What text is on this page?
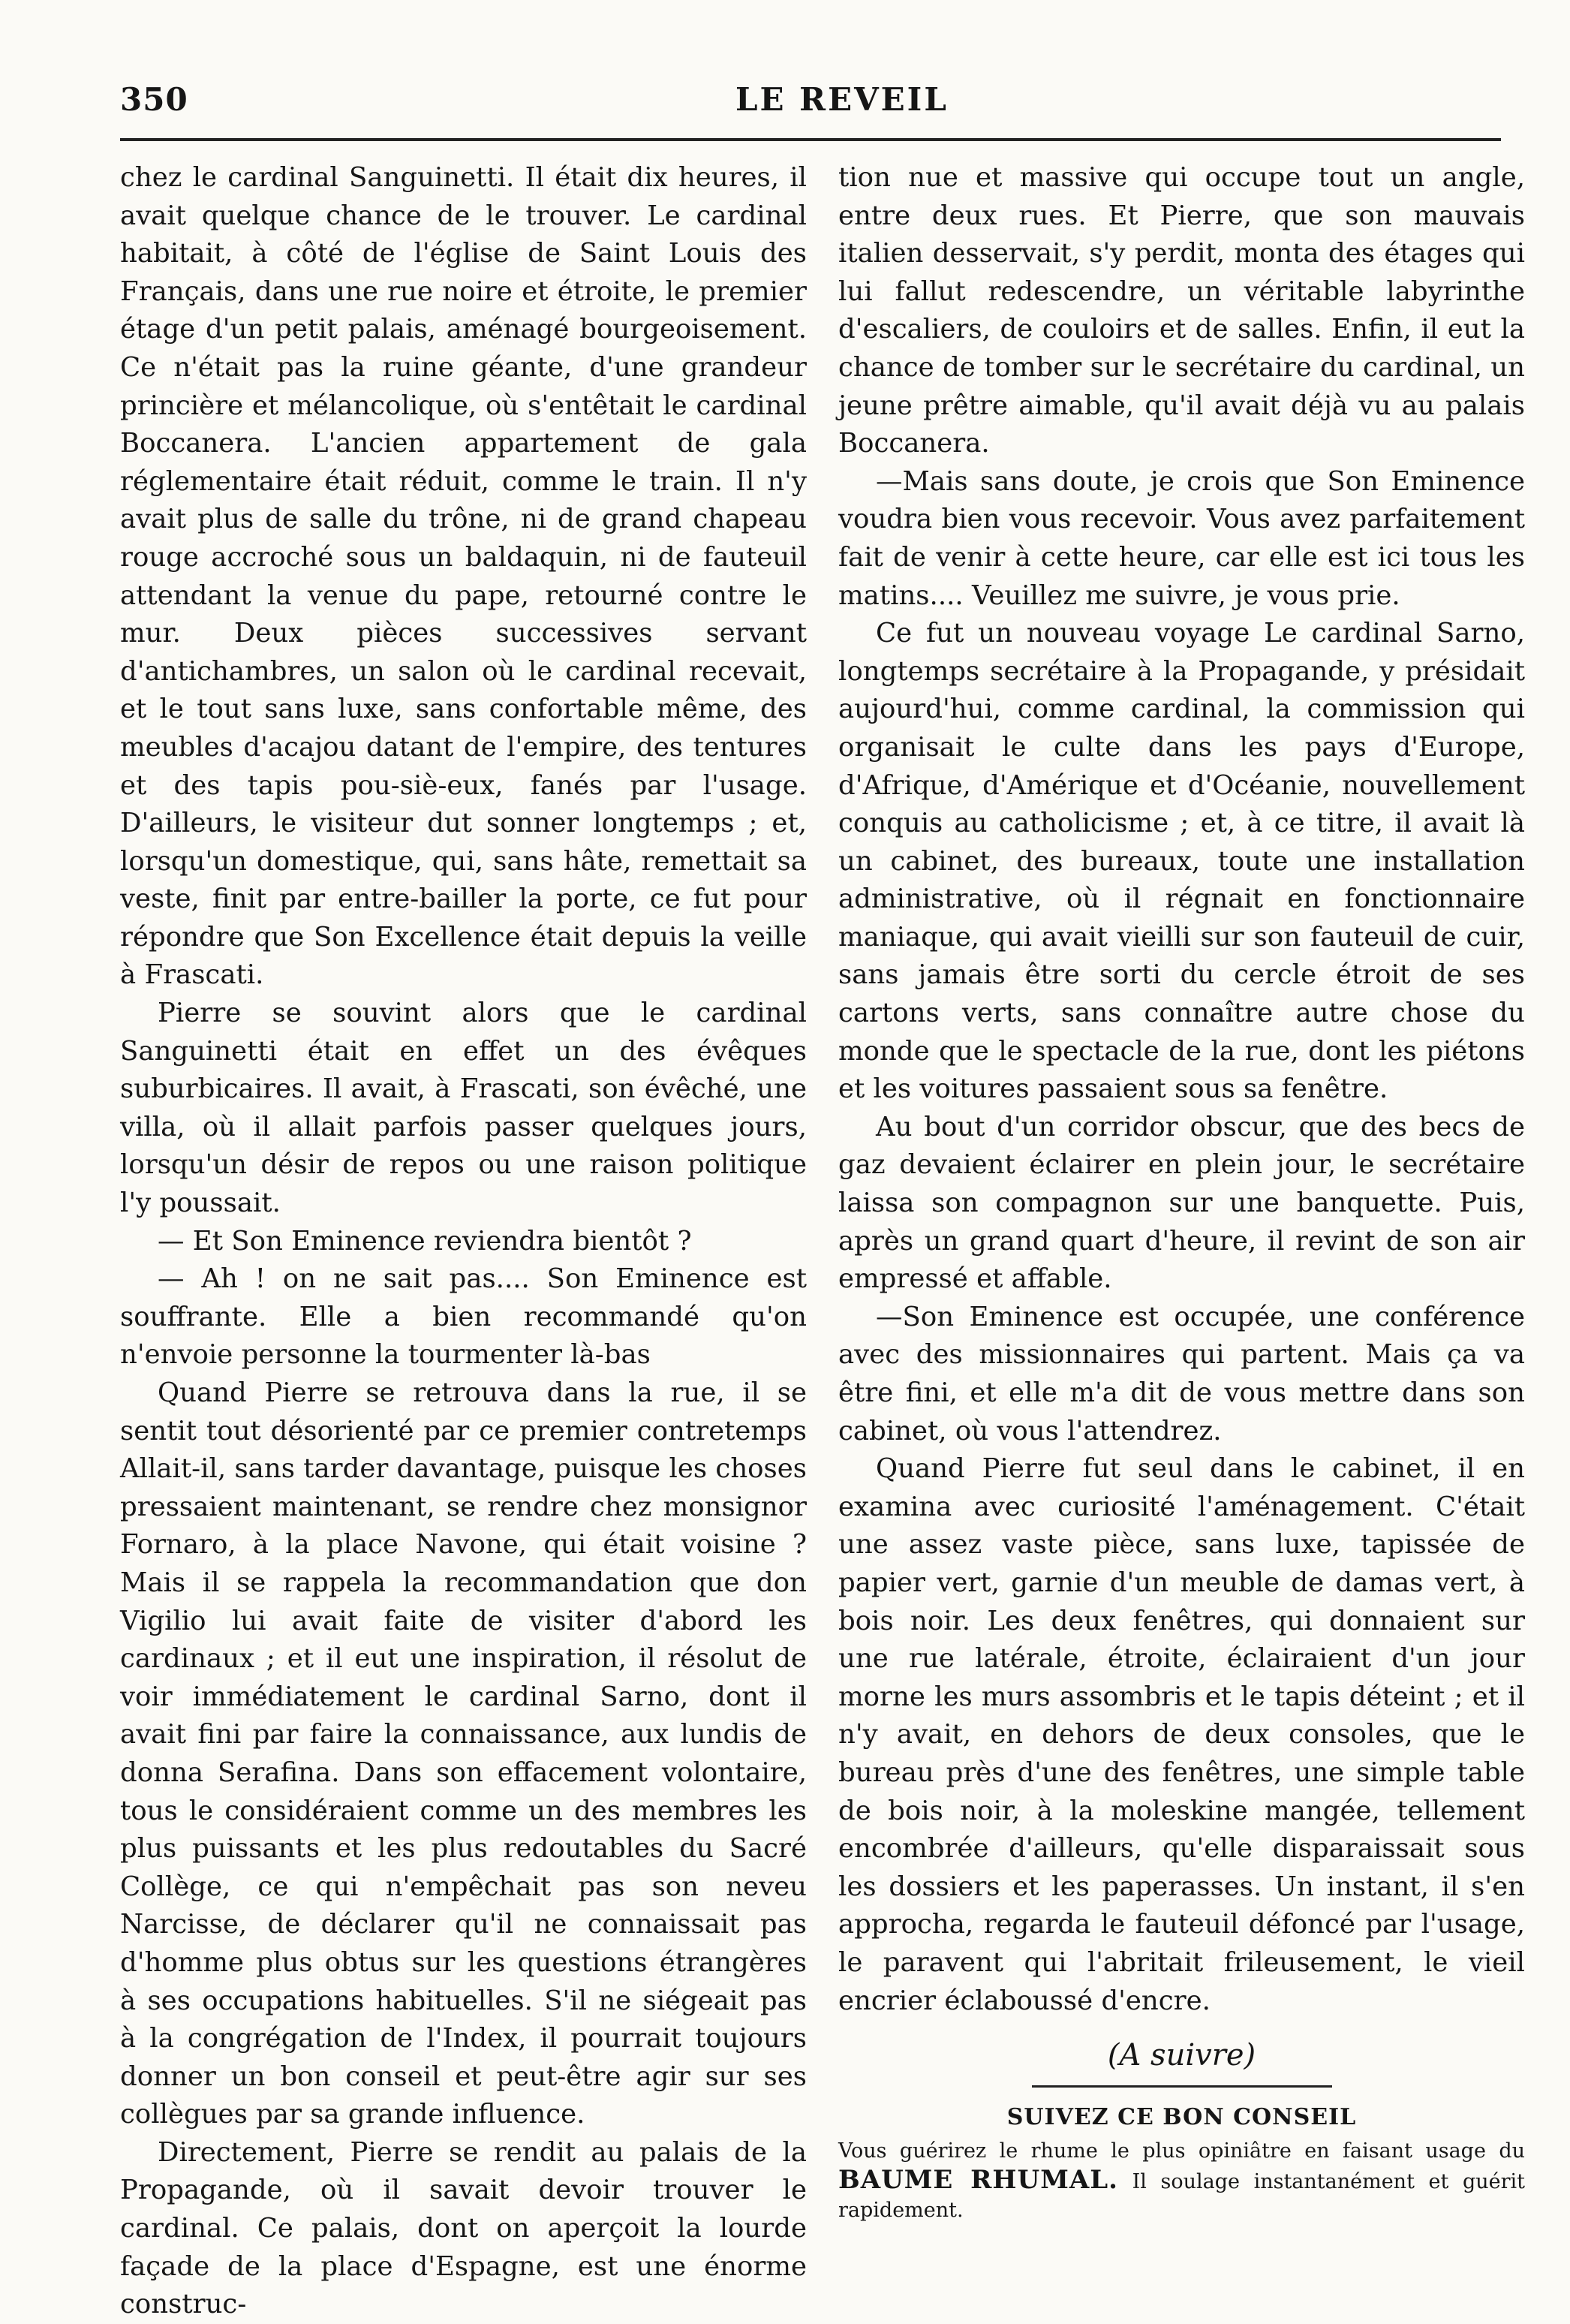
350	LE REVEIL

chez le cardinal Sanguinetti. Il était dix heures, il avait quelque chance de le trouver. Le cardinal habitait, à côté de l'église de Saint Louis des Français, dans une rue noire et étroite, le premier étage d'un petit palais, aménagé bourgeoisement. Ce n'était pas la ruine géante, d'une grandeur princière et mélancolique, où s'entêtait le cardinal Boccanera. L'ancien appartement de gala réglementaire était réduit, comme le train. Il n'y avait plus de salle du trône, ni de grand chapeau rouge accroché sous un baldaquin, ni de fauteuil attendant la venue du pape, retourné contre le mur. Deux pièces successives servant d'antichambres, un salon où le cardinal recevait, et le tout sans luxe, sans confortable même, des meubles d'acajou datant de l'empire, des tentures et des tapis pou-siè-eux, fanés par l'usage. D'ailleurs, le visiteur dut sonner longtemps ; et, lorsqu'un domestique, qui, sans hâte, remettait sa veste, finit par entre-bailler la porte, ce fut pour répondre que Son Excellence était depuis la veille à Frascati.

Pierre se souvint alors que le cardinal Sanguinetti était en effet un des évêques suburbicaires. Il avait, à Frascati, son évêché, une villa, où il allait parfois passer quelques jours, lorsqu'un désir de repos ou une raison politique l'y poussait.

— Et Son Eminence reviendra bientôt ?

— Ah ! on ne sait pas.... Son Eminence est souffrante. Elle a bien recommandé qu'on n'envoie personne la tourmenter là-bas

Quand Pierre se retrouva dans la rue, il se sentit tout désorienté par ce premier contretemps Allait-il, sans tarder davantage, puisque les choses pressaient maintenant, se rendre chez monsignor Fornaro, à la place Navone, qui était voisine ? Mais il se rappela la recommandation que don Vigilio lui avait faite de visiter d'abord les cardinaux ; et il eut une inspiration, il résolut de voir immédiatement le cardinal Sarno, dont il avait fini par faire la connaissance, aux lundis de donna Serafina. Dans son effacement volontaire, tous le considéraient comme un des membres les plus puissants et les plus redoutables du Sacré Collège, ce qui n'empêchait pas son neveu Narcisse, de déclarer qu'il ne connaissait pas d'homme plus obtus sur les questions étrangères à ses occupations habituelles. S'il ne siégeait pas à la congrégation de l'Index, il pourrait toujours donner un bon conseil et peut-être agir sur ses collègues par sa grande influence.

Directement, Pierre se rendit au palais de la Propagande, où il savait devoir trouver le cardinal. Ce palais, dont on aperçoit la lourde façade de la place d'Espagne, est une énorme construc-

tion nue et massive qui occupe tout un angle, entre deux rues. Et Pierre, que son mauvais italien desservait, s'y perdit, monta des étages qui lui fallut redescendre, un véritable labyrinthe d'escaliers, de couloirs et de salles. Enfin, il eut la chance de tomber sur le secrétaire du cardinal, un jeune prêtre aimable, qu'il avait déjà vu au palais Boccanera.

—Mais sans doute, je crois que Son Eminence voudra bien vous recevoir. Vous avez parfaitement fait de venir à cette heure, car elle est ici tous les matins.... Veuillez me suivre, je vous prie.

Ce fut un nouveau voyage Le cardinal Sarno, longtemps secrétaire à la Propagande, y présidait aujourd'hui, comme cardinal, la commission qui organisait le culte dans les pays d'Europe, d'Afrique, d'Amérique et d'Océanie, nouvellement conquis au catholicisme ; et, à ce titre, il avait là un cabinet, des bureaux, toute une installation administrative, où il régnait en fonctionnaire maniaque, qui avait vieilli sur son fauteuil de cuir, sans jamais être sorti du cercle étroit de ses cartons verts, sans connaître autre chose du monde que le spectacle de la rue, dont les piétons et les voitures passaient sous sa fenêtre.

Au bout d'un corridor obscur, que des becs de gaz devaient éclairer en plein jour, le secrétaire laissa son compagnon sur une banquette. Puis, après un grand quart d'heure, il revint de son air empressé et affable.

—Son Eminence est occupée, une conférence avec des missionnaires qui partent. Mais ça va être fini, et elle m'a dit de vous mettre dans son cabinet, où vous l'attendrez.

Quand Pierre fut seul dans le cabinet, il en examina avec curiosité l'aménagement. C'était une assez vaste pièce, sans luxe, tapissée de papier vert, garnie d'un meuble de damas vert, à bois noir. Les deux fenêtres, qui donnaient sur une rue latérale, étroite, éclairaient d'un jour morne les murs assombris et le tapis déteint ; et il n'y avait, en dehors de deux consoles, que le bureau près d'une des fenêtres, une simple table de bois noir, à la moleskine mangée, tellement encombrée d'ailleurs, qu'elle disparaissait sous les dossiers et les paperasses. Un instant, il s'en approcha, regarda le fauteuil défoncé par l'usage, le paravent qui l'abritait frileusement, le vieil encrier éclaboussé d'encre.

(A suivre)
SUIVEZ CE BON CONSEIL
Vous guérirez le rhume le plus opiniâtre en faisant usage du BAUME RHUMAL. Il soulage instantanément et guérit rapidement.
